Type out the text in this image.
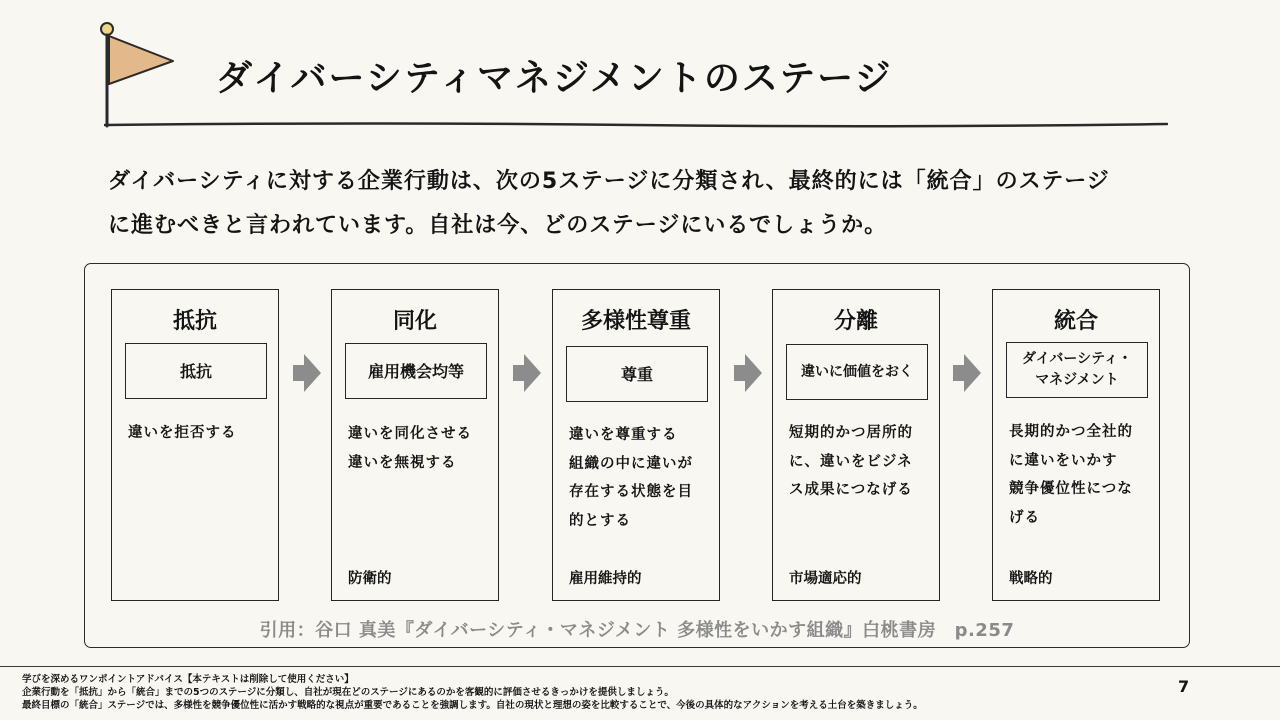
ダイバーシティマネジメントのステージ

ダイバーシティに対する企業行動は、次の5ステージに分類され、最終的には「統合」のステージ
に進むべきと言われています。自社は今、どのステージにいるでしょうか。

抵抗
抵抗
違いを拒否する
同化
雇用機会均等
違いを同化させる
違いを無視する
防衛的
多様性尊重
尊重
違いを尊重する
組織の中に違いが
存在する状態を目
的とする
雇用維持的
分離
違いに価値をおく
短期的かつ居所的
に、違いをビジネ
ス成果につなげる
市場適応的
統合
ダイバーシティ・
マネジメント
長期的かつ全社的
に違いをいかす
競争優位性につな
げる
戦略的
引用：谷口 真美『ダイバーシティ・マネジメント 多様性をいかす組織』白桃書房　p.257
学びを深めるワンポイントアドバイス【本テキストは削除して使用ください】
企業行動を「抵抗」から「統合」までの5つのステージに分類し、自社が現在どのステージにあるのかを客観的に評価させるきっかけを提供しましょう。
最終目標の「統合」ステージでは、多様性を競争優位性に活かす戦略的な視点が重要であることを強調します。自社の現状と理想の姿を比較することで、今後の具体的なアクションを考える土台を築きましょう。
7
